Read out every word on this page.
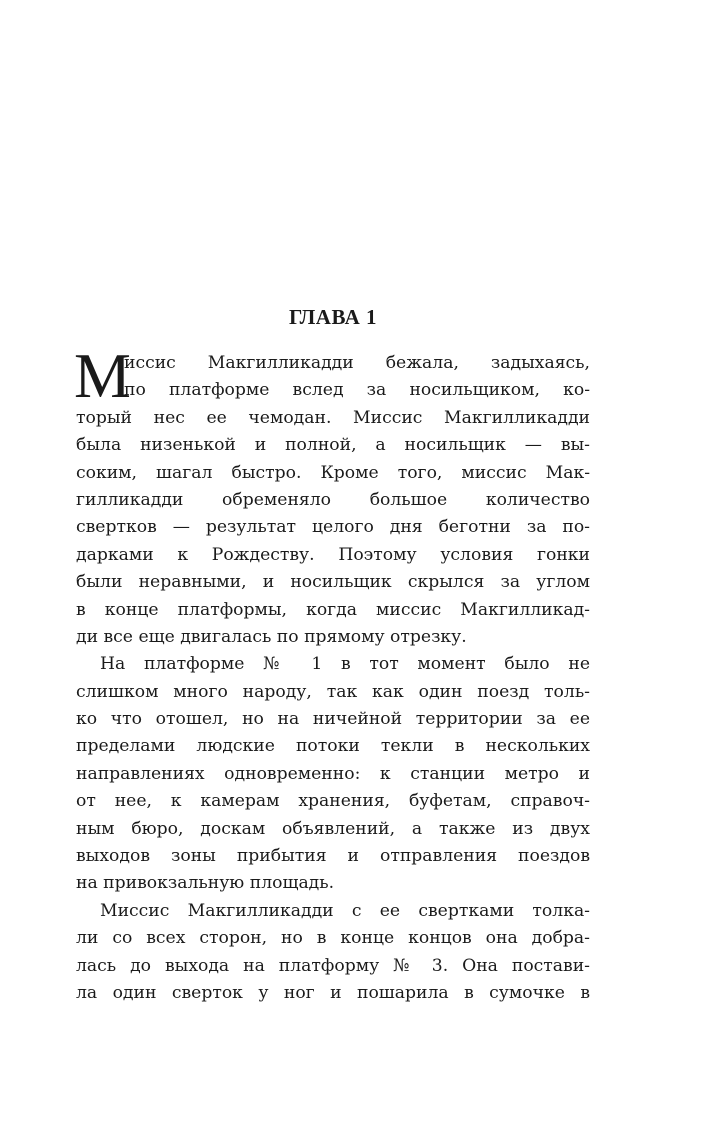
ГЛАВА 1
М
иссис Макгилликадди бежала, задыхаясь,
по платформе вслед за носильщиком, ко-
торый нес ее чемодан. Миссис Макгилликадди
была низенькой и полной, а носильщик — вы-
соким, шагал быстро. Кроме того, миссис Мак-
гилликадди обременяло большое количество
свертков — результат целого дня беготни за по-
дарками к Рождеству. Поэтому условия гонки
были неравными, и носильщик скрылся за углом
в конце платформы, когда миссис Макгилликад-
ди все еще двигалась по прямому отрезку.
На платформе № 1 в тот момент было не
слишком много народу, так как один поезд толь-
ко что отошел, но на ничейной территории за ее
пределами людские потоки текли в нескольких
направлениях одновременно: к станции метро и
от нее, к камерам хранения, буфетам, справоч-
ным бюро, доскам объявлений, а также из двух
выходов зоны прибытия и отправления поездов
на привокзальную площадь.
Миссис Макгилликадди с ее свертками толка-
ли со всех сторон, но в конце концов она добра-
лась до выхода на платформу № 3. Она постави-
ла один сверток у ног и пошарила в сумочке в
